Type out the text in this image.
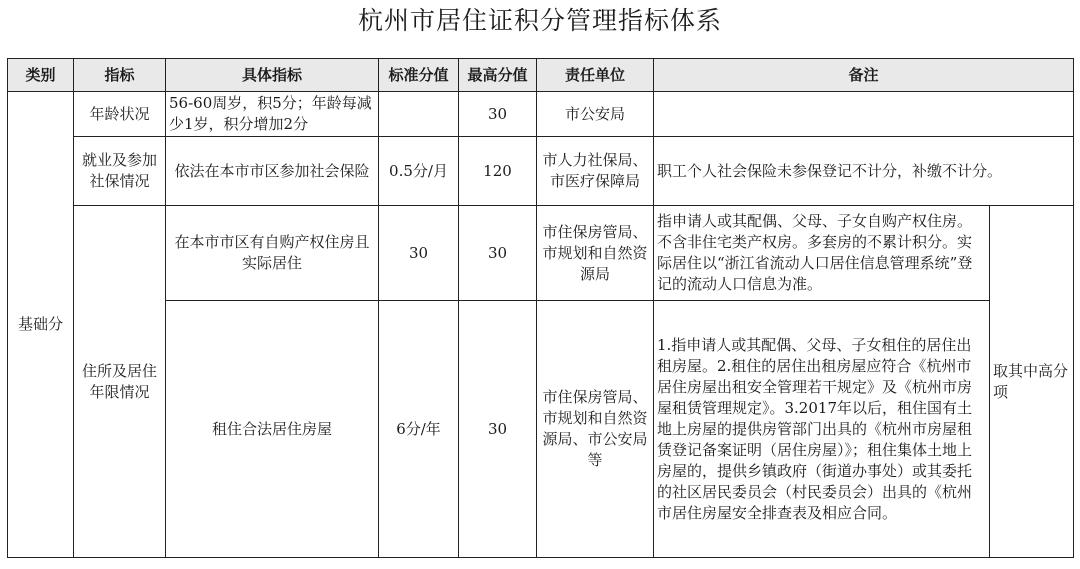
杭州市居住证积分管理指标体系
类别	指标	具体指标	标准分值	最高分值	责任单位	备注	
基础分	年龄状况	56-60周岁，积5分；年龄每减少1岁，积分增加2分		30	市公安局		
	就业及参加社保情况	依法在本市市区参加社会保险	0.5分/月	120	市人力社保局、市医疗保障局	职工个人社会保险未参保登记不计分，补缴不计分。	
	住所及居住年限情况	在本市市区有自购产权住房且实际居住	30	30	市住保房管局、市规划和自然资源局	指申请人或其配偶、父母、子女自购产权住房。不含非住宅类产权房。多套房的不累计积分。实际居住以“浙江省流动人口居住信息管理系统”登记的流动人口信息为准。	取其中高分项
		租住合法居住房屋	6分/年	30	市住保房管局、市规划和自然资源局、市公安局等	1.指申请人或其配偶、父母、子女租住的居住出租房屋。2.租住的居住出租房屋应符合《杭州市居住房屋出租安全管理若干规定》及《杭州市房屋租赁管理规定》。3.2017年以后，租住国有土地上房屋的提供房管部门出具的《杭州市房屋租赁登记备案证明（居住房屋）》；租住集体土地上房屋的，提供乡镇政府（街道办事处）或其委托的社区居民委员会（村民委员会）出具的《杭州市居住房屋安全排查表及相应合同。	
